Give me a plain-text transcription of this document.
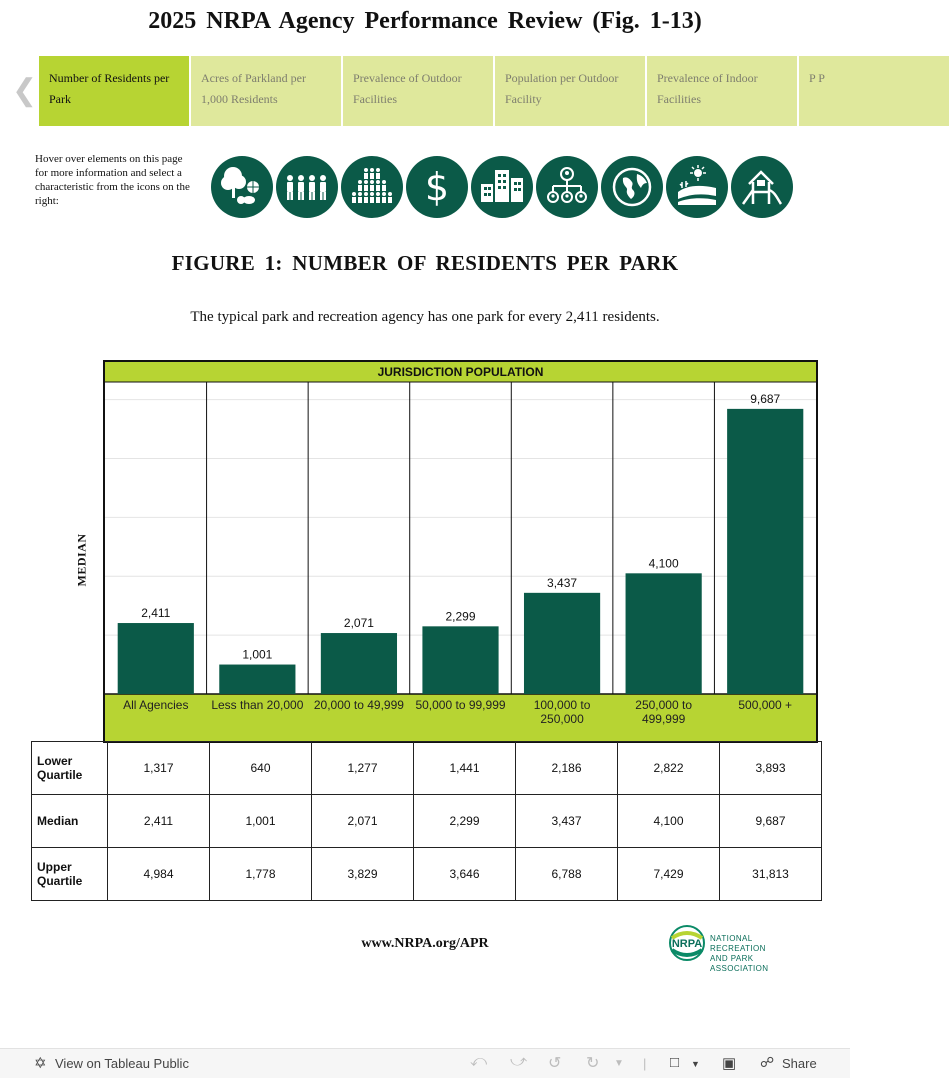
2025 NRPA Agency Performance Review (Fig. 1-13)
❮ Number of Residents per Park
Acres of Parkland per 1,000 Residents
Prevalence of Outdoor Facilities
Population per Outdoor Facility
Prevalence of Indoor Facilities
P P
Hover over elements on this page for more information and select a characteristic from the icons on the right:	$
FIGURE 1: NUMBER OF RESIDENTS PER PARK
The typical park and recreation agency has one park for every 2,411 residents.
MEDIAN
JURISDICTION POPULATION
2,411
All Agencies
1,001
Less than 20,000
2,071
20,000 to 49,999
2,299
50,000 to 99,999
3,437
100,000 to 250,000
4,100
250,000 to 499,999
9,687
500,000 +
Lower Quartile	1,317	640	1,277	1,441	2,186	2,822	3,893
Median	2,411	1,001	2,071	2,299	3,437	4,100	9,687
Upper Quartile	4,984	1,778	3,829	3,646	6,788	7,429	31,813
www.NRPA.org/APR	NRPA NATIONAL RECREATION
AND PARK ASSOCIATION
✡ View on Tableau Public	⤺ ⤻ ↺ ↻ ▼ | □ ▼ ▣ ☍ Share
